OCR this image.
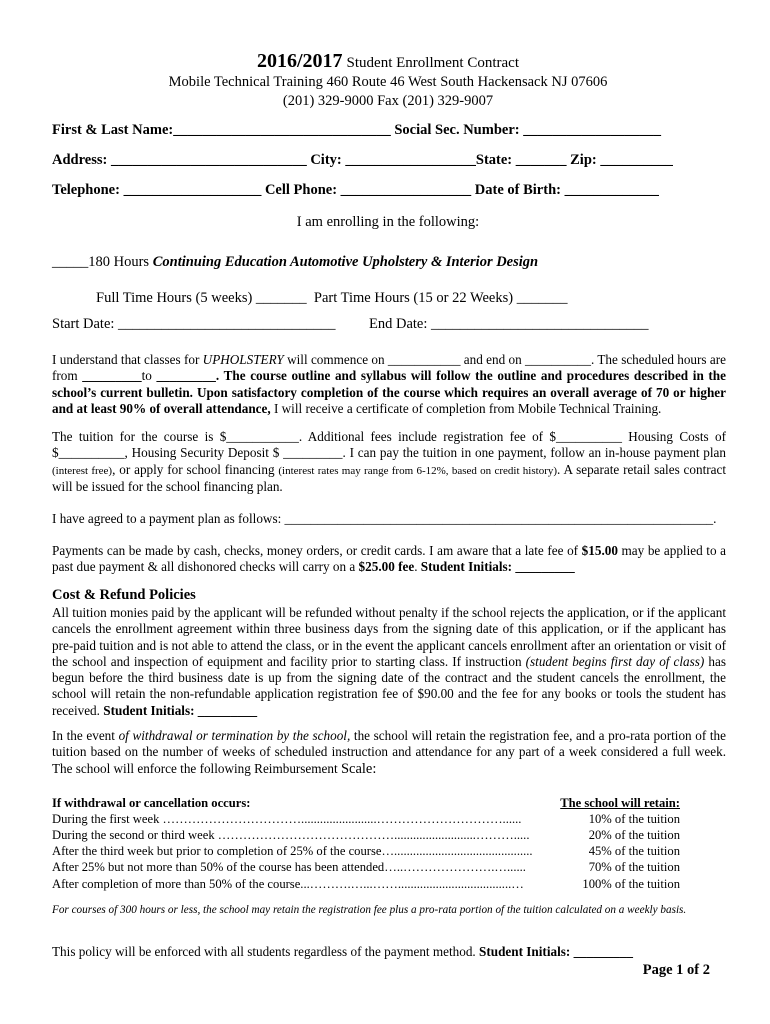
2016/2017 Student Enrollment Contract
Mobile Technical Training 460 Route 46 West South Hackensack NJ 07606
(201) 329-9000 Fax (201) 329-9007
First & Last Name:______________________________ Social Sec. Number: ___________________
Address: ___________________________ City: __________________State: _______ Zip: __________
Telephone: ___________________ Cell Phone: __________________ Date of Birth: _____________
I am enrolling in the following:
_____180 Hours Continuing Education Automotive Upholstery & Interior Design
Full Time Hours (5 weeks) _______ Part Time Hours (15 or 22 Weeks) _______
Start Date: ______________________________ End Date: ______________________________
I understand that classes for UPHOLSTERY will commence on ___________ and end on __________. The scheduled hours are from _________to _________. The course outline and syllabus will follow the outline and procedures described in the school’s current bulletin. Upon satisfactory completion of the course which requires an overall average of 70 or higher and at least 90% of overall attendance, I will receive a certificate of completion from Mobile Technical Training.
The tuition for the course is $___________. Additional fees include registration fee of $__________ Housing Costs of $__________, Housing Security Deposit $ _________. I can pay the tuition in one payment, follow an in-house payment plan (interest free), or apply for school financing (interest rates may range from 6-12%, based on credit history). A separate retail sales contract will be issued for the school financing plan.
I have agreed to a payment plan as follows: _________________________________________________________________.
Payments can be made by cash, checks, money orders, or credit cards. I am aware that a late fee of $15.00 may be applied to a past due payment & all dishonored checks will carry on a $25.00 fee. Student Initials: _________
Cost & Refund Policies
All tuition monies paid by the applicant will be refunded without penalty if the school rejects the application, or if the applicant cancels the enrollment agreement within three business days from the signing date of this application, or if the applicant has pre-paid tuition and is not able to attend the class, or in the event the applicant cancels enrollment after an orientation or visit of the school and inspection of equipment and facility prior to starting class. If instruction (student begins first day of class) has begun before the third business date is up from the signing date of the contract and the student cancels the enrollment, the school will retain the non-refundable application registration fee of $90.00 and the fee for any books or tools the student has received. Student Initials: _________
In the event of withdrawal or termination by the school, the school will retain the registration fee, and a pro-rata portion of the tuition based on the number of weeks of scheduled instruction and attendance for any part of a week considered a full week. The school will enforce the following Reimbursement Scale:
If withdrawal or cancellation occurs:	The school will retain:
During the first week ……………………………........................…………………………......	10% of the tuition
During the second or third week ……………………………………..........................……….....	20% of the tuition
After the third week but prior to completion of 25% of the course…............................................	45% of the tuition
After 25% but not more than 50% of the course has been attended…..………………….…......	70% of the tuition
After completion of more than 50% of the course...……….…...……....................................…	100% of the tuition
For courses of 300 hours or less, the school may retain the registration fee plus a pro-rata portion of the tuition calculated on a weekly basis.
This policy will be enforced with all students regardless of the payment method. Student Initials: _________
Page 1 of 2
